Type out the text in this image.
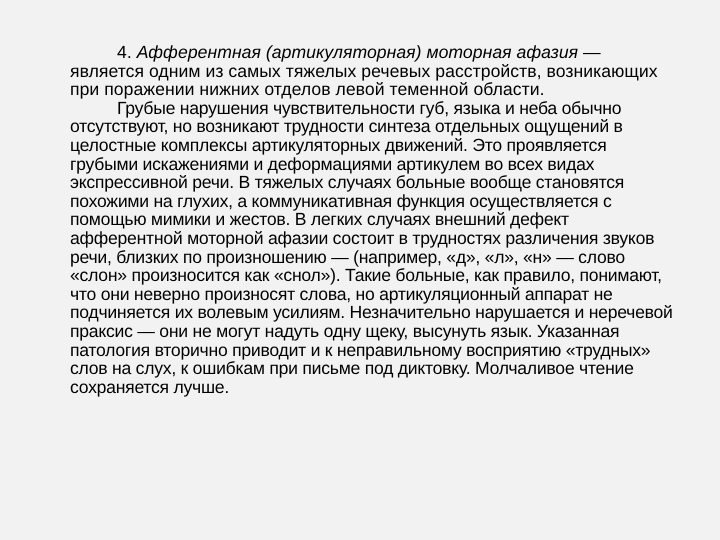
4. Афферентная (артикуляторная) моторная афазия — является одним из самых тяжелых речевых расстройств, возникающих при поражении нижних отделов левой теменной области.

Грубые нарушения чувствительности губ, языка и неба обычно отсутствуют, но возникают трудности синтеза отдельных ощущений в целостные комплексы артикуляторных движений. Это проявляется грубыми искажениями и деформациями артикулем во всех видах экспрессивной речи. В тяжелых случаях больные вообще становятся похожими на глухих, а коммуникативная функция осуществляется с помощью мимики и жестов. В легких случаях внешний дефект афферентной моторной афазии состоит в трудностях различения звуков речи, близких по произношению — (например, «д», «л», «н» — слово «слон» произносится как «снол»). Такие больные, как правило, понимают, что они неверно произносят слова, но артикуляционный аппарат не подчиняется их волевым усилиям. Незначительно нарушается и неречевой праксис — они не могут надуть одну щеку, высунуть язык. Указанная патология вторично приводит и к неправильному восприятию «трудных» слов на слух, к ошибкам при письме под диктовку. Молчаливое чтение сохраняется лучше.
